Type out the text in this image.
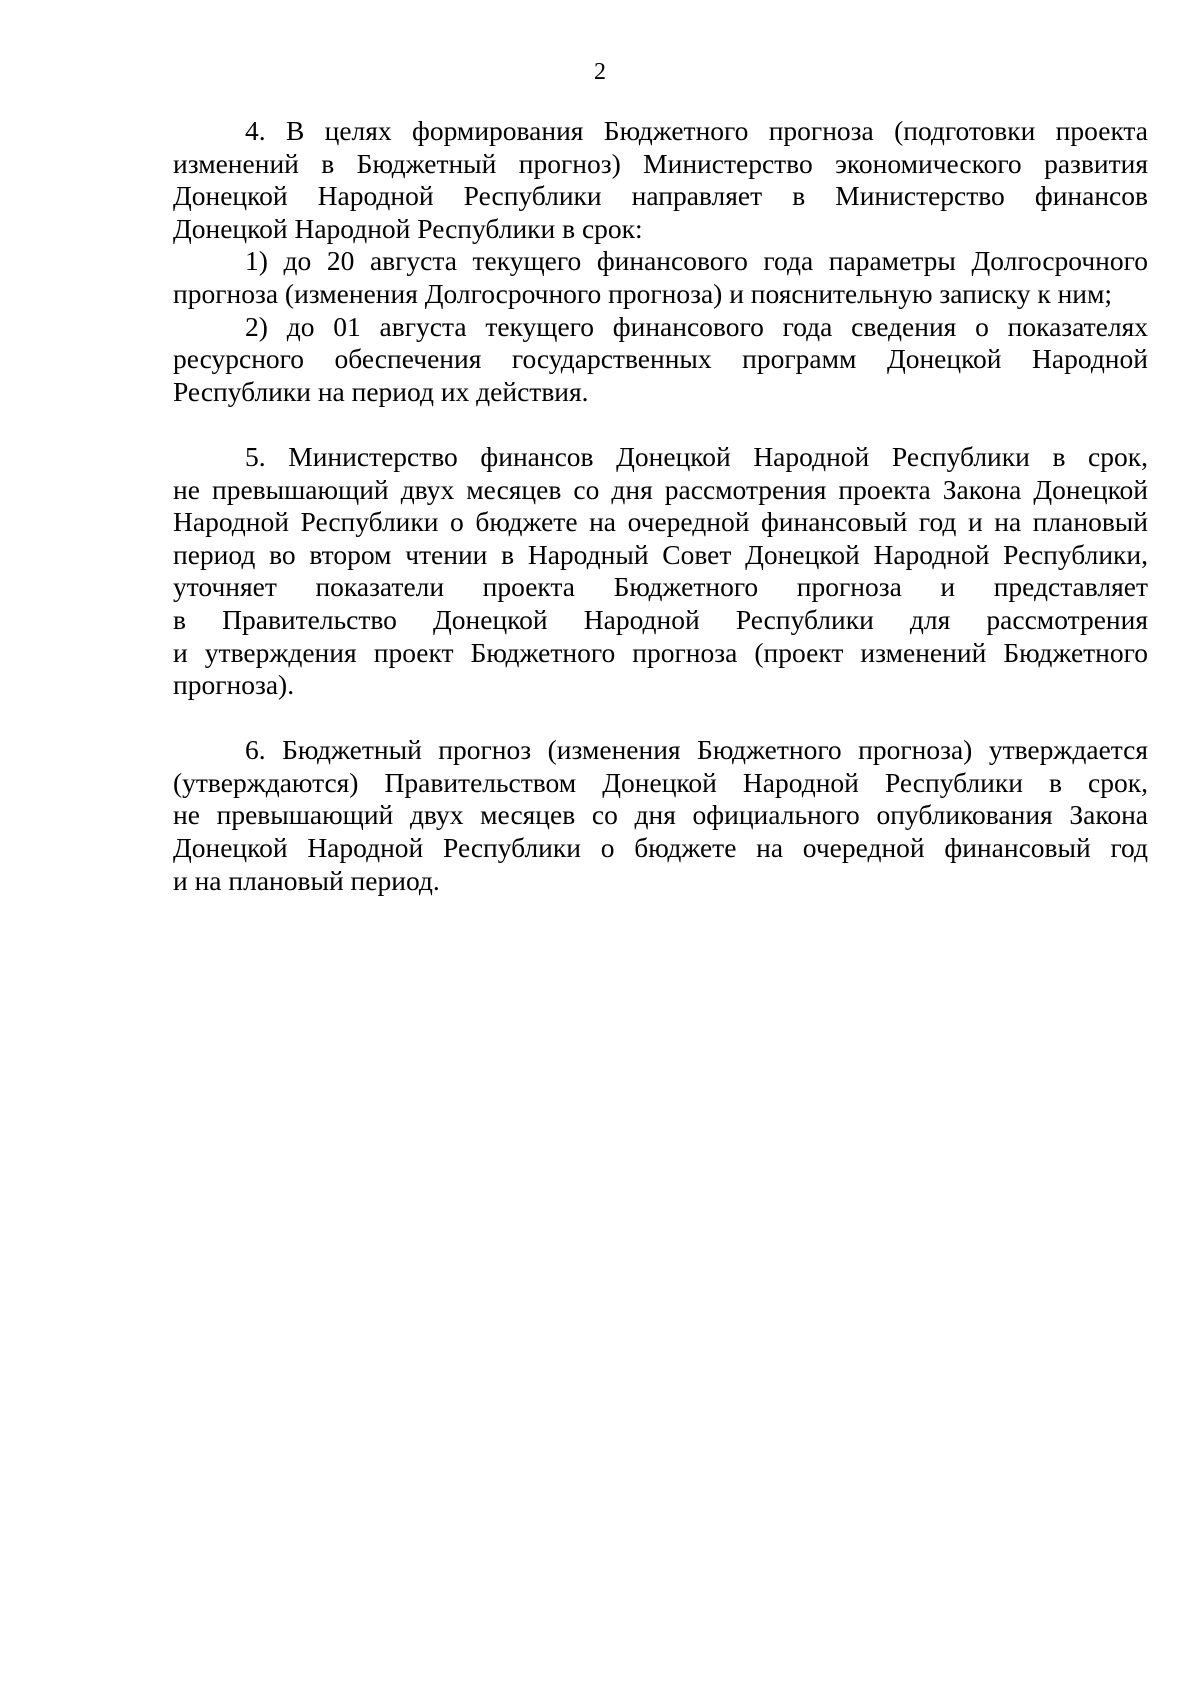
2

4. В целях формирования Бюджетного прогноза (подготовки проекта
изменений в Бюджетный прогноз) Министерство экономического развития
Донецкой Народной Республики направляет в Министерство финансов
Донецкой Народной Республики в срок:

1) до 20 августа текущего финансового года параметры Долгосрочного
прогноза (изменения Долгосрочного прогноза) и пояснительную записку к ним;

2) до 01 августа текущего финансового года сведения о показателях
ресурсного обеспечения государственных программ Донецкой Народной
Республики на период их действия.

5. Министерство финансов Донецкой Народной Республики в срок,
не превышающий двух месяцев со дня рассмотрения проекта Закона Донецкой
Народной Республики о бюджете на очередной финансовый год и на плановый
период во втором чтении в Народный Совет Донецкой Народной Республики,
уточняет показатели проекта Бюджетного прогноза и представляет
в Правительство Донецкой Народной Республики для рассмотрения
и утверждения проект Бюджетного прогноза (проект изменений Бюджетного
прогноза).

6. Бюджетный прогноз (изменения Бюджетного прогноза) утверждается
(утверждаются) Правительством Донецкой Народной Республики в срок,
не превышающий двух месяцев со дня официального опубликования Закона
Донецкой Народной Республики о бюджете на очередной финансовый год
и на плановый период.
